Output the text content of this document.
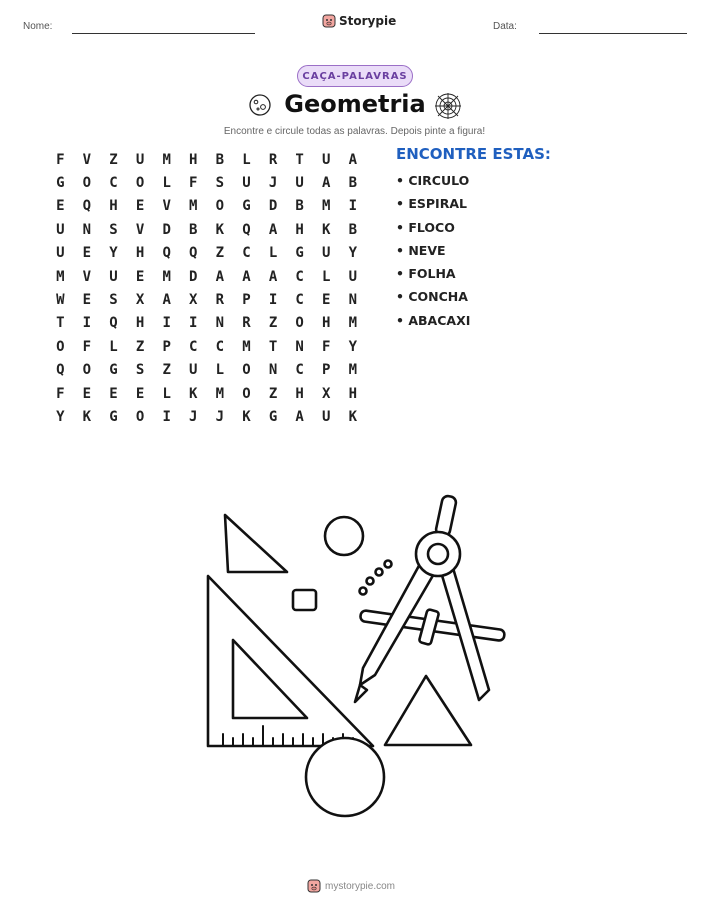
Nome:	Storypie	Data:
CAÇA-PALAVRAS
Geometria
Encontre e circule todas as palavras. Depois pinte a figura!
F	V	Z	U	M	H	B	L	R	T	U	A
G	O	C	O	L	F	S	U	J	U	A	B
E	Q	H	E	V	M	O	G	D	B	M	I
U	N	S	V	D	B	K	Q	A	H	K	B
U	E	Y	H	Q	Q	Z	C	L	G	U	Y
M	V	U	E	M	D	A	A	A	C	L	U
W	E	S	X	A	X	R	P	I	C	E	N
T	I	Q	H	I	I	N	R	Z	O	H	M
O	F	L	Z	P	C	C	M	T	N	F	Y
Q	O	G	S	Z	U	L	O	N	C	P	M
F	E	E	E	L	K	M	O	Z	H	X	H
Y	K	G	O	I	J	J	K	G	A	U	K
ENCONTRE ESTAS:
• CIRCULO
• ESPIRAL
• FLOCO
• NEVE
• FOLHA
• CONCHA
• ABACAXI
mystorypie.com
